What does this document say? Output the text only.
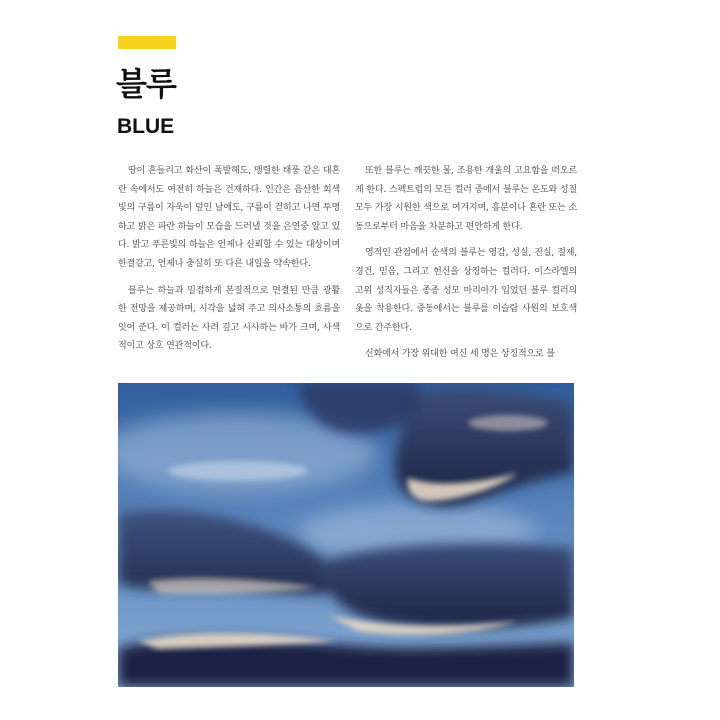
블루
BLUE

땅이 흔들리고 화산이 폭발해도, 맹렬한 태풍 같은 대혼란 속에서도 여전히 하늘은 건재하다. 인간은 음산한 회색빛의 구름이 자욱이 덮인 날에도, 구름이 걷히고 나면 투명하고 밝은 파란 하늘이 모습을 드러낼 것을 은연중 알고 있다. 밝고 푸른빛의 하늘은 언제나 신뢰할 수 있는 대상이며 한결같고, 언제나 충실히 또 다른 내일을 약속한다.

블루는 하늘과 밀접하게 본질적으로 연결된 만큼 광활한 전망을 제공하며, 시각을 넓혀 주고 의사소통의 흐름을 잇어 준다. 이 컬러는 사려 깊고 시사하는 바가 크며, 사색적이고 상호 연관적이다.

또한 블루는 깨끗한 물, 조용한 개울의 고요함을 떠오르게 한다. 스펙트럼의 모든 컬러 중에서 블루는 온도와 성질 모두 가장 시원한 색으로 여겨지며, 흥분이나 혼란 또는 소동으로부터 마음을 차분하고 편안하게 한다.

영적인 관점에서 순색의 블루는 영감, 성실, 진실, 절제, 경건, 믿음, 그리고 헌신을 상징하는 컬러다. 이스라엘의 고위 성직자들은 종종 성모 마리아가 입었던 블루 컬러의 옷을 착용한다. 중동에서는 블루를 이슬람 사원의 보호색으로 간주한다.

신화에서 가장 위대한 여신 세 명은 상징적으로 블
